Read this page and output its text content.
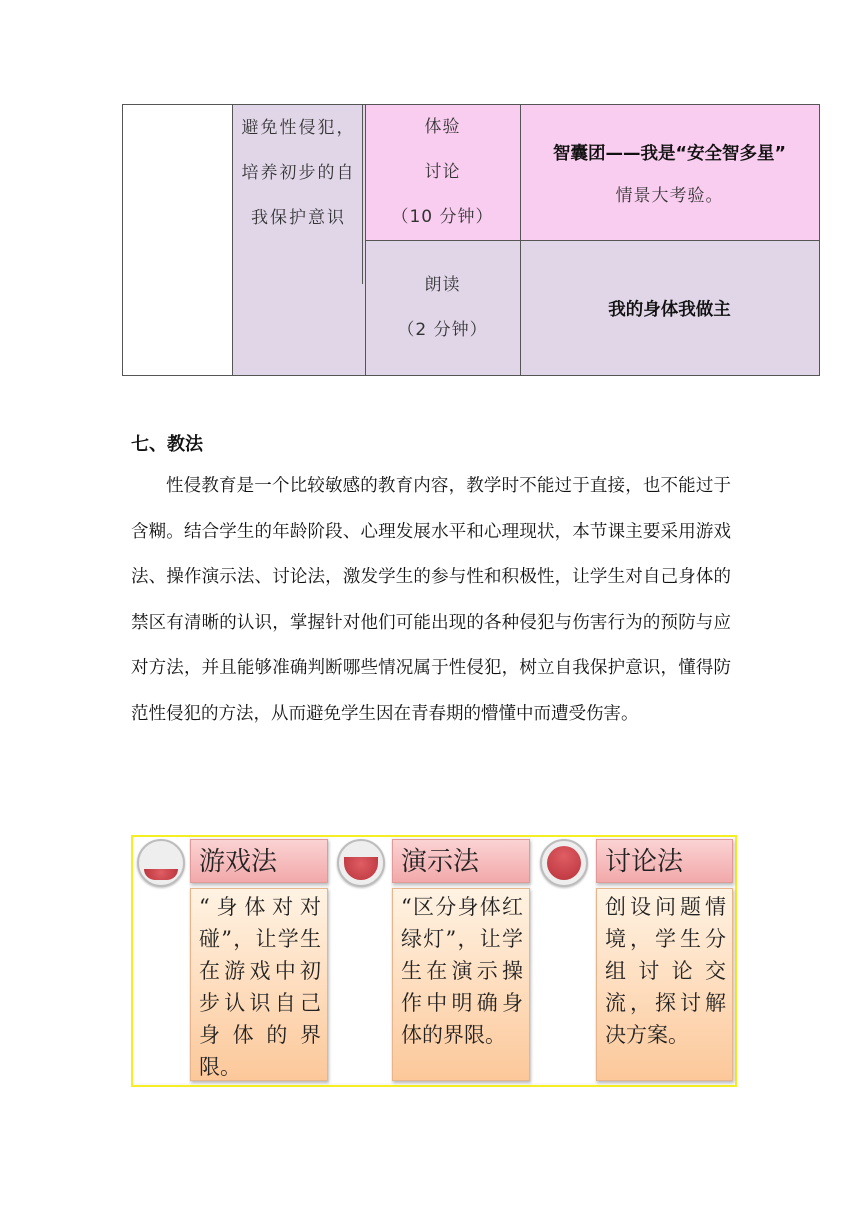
避免性侵犯，培养初步的自我保护意识
体验
讨论
（10 分钟）
智囊团——我是“安全智多星”
情景大考验。
朗读
（2 分钟）
我的身体我做主
七、教法
性侵教育是一个比较敏感的教育内容，教学时不能过于直接，也不能过于含糊。结合学生的年龄阶段、心理发展水平和心理现状，本节课主要采用游戏法、操作演示法、讨论法，激发学生的参与性和积极性，让学生对自己身体的禁区有清晰的认识，掌握针对他们可能出现的各种侵犯与伤害行为的预防与应对方法，并且能够准确判断哪些情况属于性侵犯，树立自我保护意识，懂得防范性侵犯的方法，从而避免学生因在青春期的懵懂中而遭受伤害。
游戏法
“身体对对碰”，让学生在游戏中初步认识自己身体的界限。
演示法
“区分身体红绿灯”，让学生在演示操作中明确身体的界限。
讨论法
创设问题情境，学生分组讨论交流，探讨解决方案。
